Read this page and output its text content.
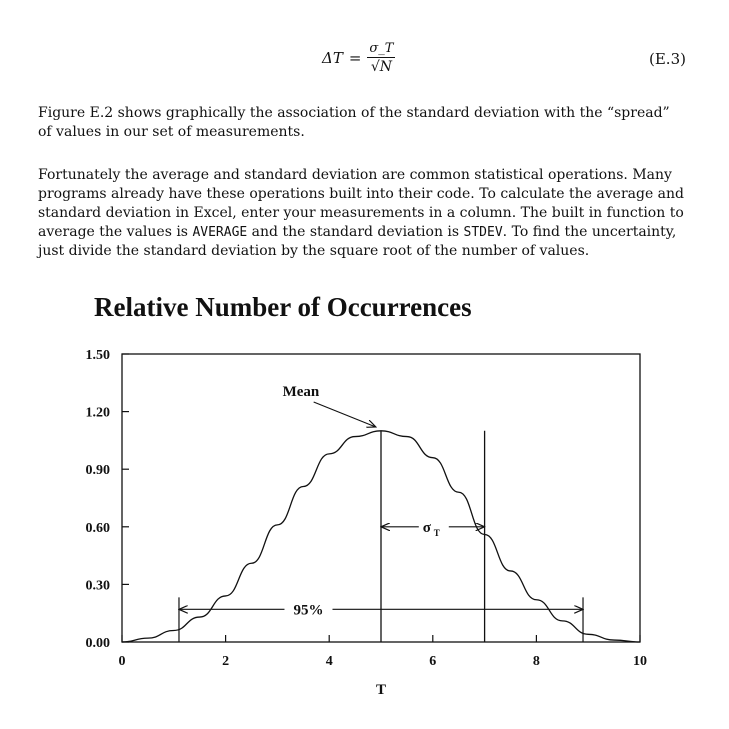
$\Delta T = \frac{\sigma\_T}{√N}$	(E.3)

Figure E.2 shows graphically the association of the standard deviation with the “spread”
of values in our set of measurements.

Fortunately the average and standard deviation are common statistical operations. Many
programs already have these operations built into their code. To calculate the average and
standard deviation in Excel, enter your measurements in a column. The built in function to
average the values is AVERAGE and the standard deviation is STDEV. To find the uncertainty,
just divide the standard deviation by the square root of the number of values.

Relative Number of Occurrences
0.00
0.30
0.60
0.90
1.20
1.50
0	2	4	6	8	10
T
Mean
σ T
95%
